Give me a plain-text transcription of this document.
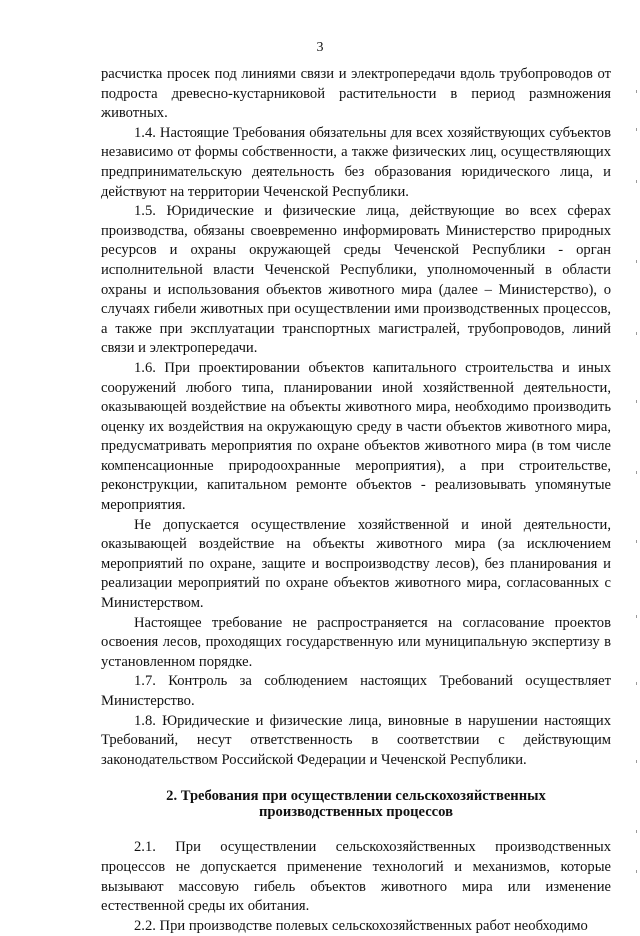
3

расчистка просек под линиями связи и электропередачи вдоль трубопроводов от подроста древесно-кустарниковой растительности в период размножения животных.

1.4. Настоящие Требования обязательны для всех хозяйствующих субъектов независимо от формы собственности, а также физических лиц, осуществляющих предпринимательскую деятельность без образования юридического лица, и действуют на территории Чеченской Республики.

1.5. Юридические и физические лица, действующие во всех сферах производства, обязаны своевременно информировать Министерство природных ресурсов и охраны окружающей среды Чеченской Республики - орган исполнительной власти Чеченской Республики, уполномоченный в области охраны и использования объектов животного мира (далее – Министерство), о случаях гибели животных при осуществлении ими производственных процессов, а также при эксплуатации транспортных магистралей, трубопроводов, линий связи и электропередачи.

1.6. При проектировании объектов капитального строительства и иных сооружений любого типа, планировании иной хозяйственной деятельности, оказывающей воздействие на объекты животного мира, необходимо производить оценку их воздействия на окружающую среду в части объектов животного мира, предусматривать мероприятия по охране объектов животного мира (в том числе компенсационные природоохранные мероприятия), а при строительстве, реконструкции, капитальном ремонте объектов - реализовывать упомянутые мероприятия.

Не допускается осуществление хозяйственной и иной деятельности, оказывающей воздействие на объекты животного мира (за исключением мероприятий по охране, защите и воспроизводству лесов), без планирования и реализации мероприятий по охране объектов животного мира, согласованных с Министерством.

Настоящее требование не распространяется на согласование проектов освоения лесов, проходящих государственную или муниципальную экспертизу в установленном порядке.

1.7. Контроль за соблюдением настоящих Требований осуществляет Министерство.

1.8. Юридические и физические лица, виновные в нарушении настоящих Требований, несут ответственность в соответствии с действующим законодательством Российской Федерации и Чеченской Республики.

2. Требования при осуществлении сельскохозяйственных
производственных процессов

2.1. При осуществлении сельскохозяйственных производственных процессов не допускается применение технологий и механизмов, которые вызывают массовую гибель объектов животного мира или изменение естественной среды их обитания.

2.2. При производстве полевых сельскохозяйственных работ необходимо
